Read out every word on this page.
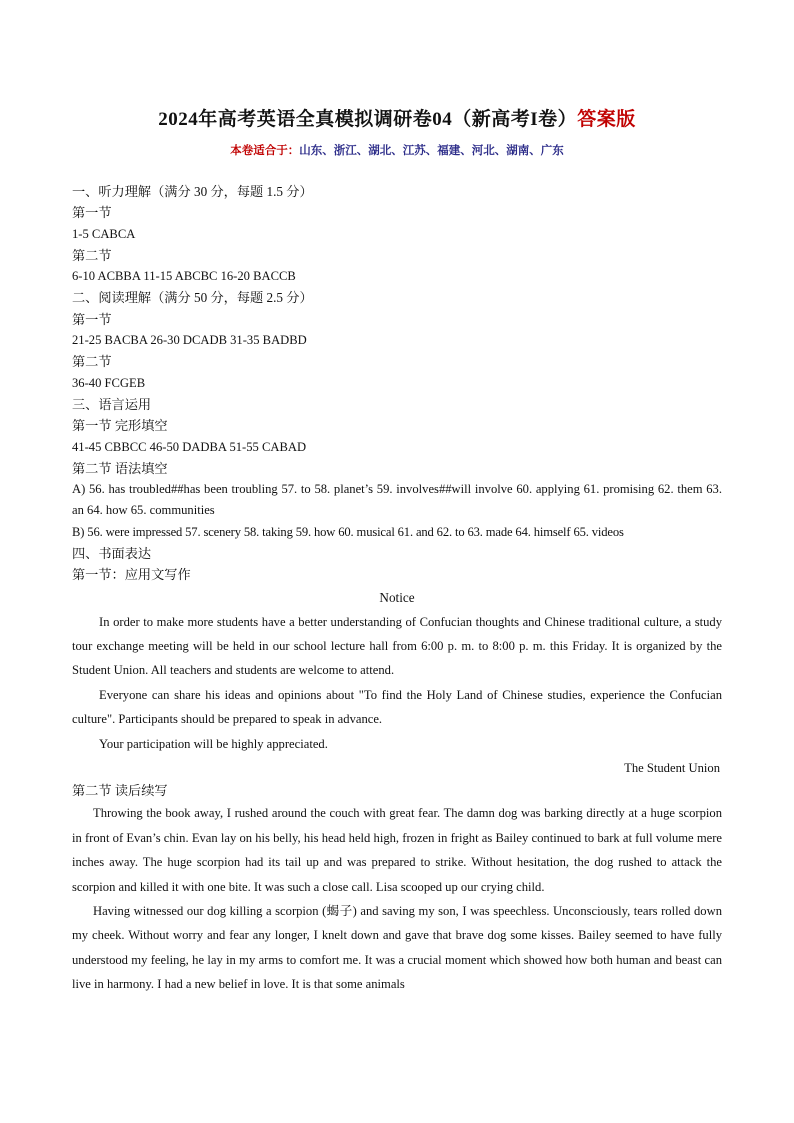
2024年高考英语全真模拟调研卷04（新高考I卷）答案版
本卷适合于：山东、浙江、湖北、江苏、福建、河北、湖南、广东
一、听力理解（满分 30 分，每题 1.5 分）
第一节
1-5 CABCA
第二节
6-10 ACBBA 11-15 ABCBC 16-20 BACCB
二、阅读理解（满分 50 分，每题 2.5 分）
第一节
21-25 BACBA 26-30 DCADB 31-35 BADBD
第二节
36-40 FCGEB
三、语言运用
第一节 完形填空
41-45 CBBCC 46-50 DADBA 51-55 CABAD
第二节 语法填空
A) 56. has troubled##has been troubling 57. to 58. planet’s 59. involves##will involve 60. applying 61. promising 62. them 63. an 64. how 65. communities
B) 56. were impressed 57. scenery 58. taking 59. how 60. musical 61. and 62. to 63. made 64. himself 65. videos
四、书面表达
第一节：应用文写作
Notice

In order to make more students have a better understanding of Confucian thoughts and Chinese traditional culture, a study tour exchange meeting will be held in our school lecture hall from 6:00 p. m. to 8:00 p. m. this Friday. It is organized by the Student Union. All teachers and students are welcome to attend.

Everyone can share his ideas and opinions about "To find the Holy Land of Chinese studies, experience the Confucian culture". Participants should be prepared to speak in advance.

Your participation will be highly appreciated.

The Student Union
第二节 读后续写

Throwing the book away, I rushed around the couch with great fear. The damn dog was barking directly at a huge scorpion in front of Evan’s chin. Evan lay on his belly, his head held high, frozen in fright as Bailey continued to bark at full volume mere inches away. The huge scorpion had its tail up and was prepared to strike. Without hesitation, the dog rushed to attack the scorpion and killed it with one bite. It was such a close call. Lisa scooped up our crying child.

Having witnessed our dog killing a scorpion (蝎子) and saving my son, I was speechless. Unconsciously, tears rolled down my cheek. Without worry and fear any longer, I knelt down and gave that brave dog some kisses. Bailey seemed to have fully understood my feeling, he lay in my arms to comfort me. It was a crucial moment which showed how both human and beast can live in harmony. I had a new belief in love. It is that some animals
